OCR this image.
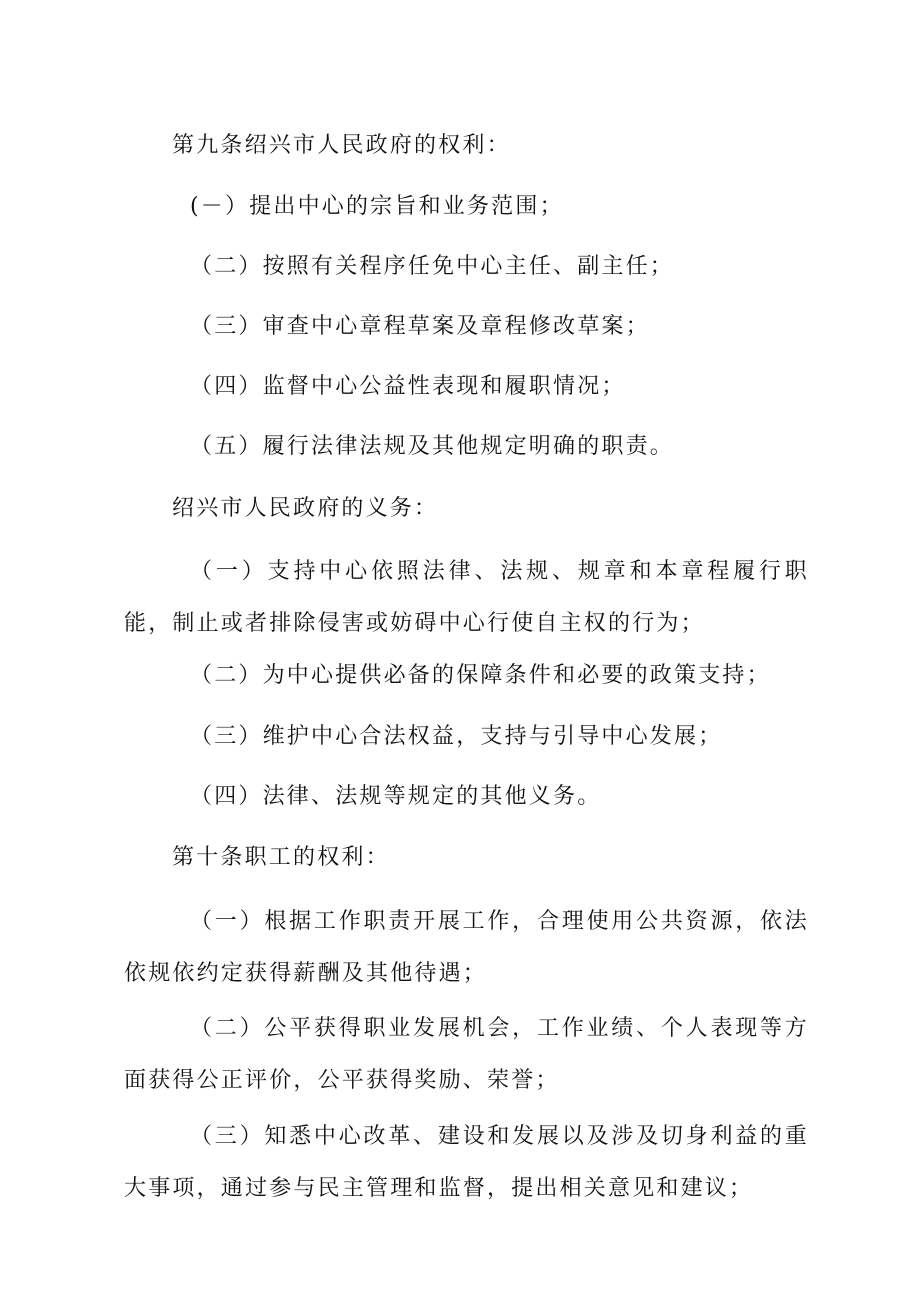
第九条绍兴市人民政府的权利：

(－）提出中心的宗旨和业务范围；

（二）按照有关程序任免中心主任、副主任；

（三）审查中心章程草案及章程修改草案；

（四）监督中心公益性表现和履职情况；

（五）履行法律法规及其他规定明确的职责。

绍兴市人民政府的义务：

（一）支持中心依照法律、法规、规章和本章程履行职能，制止或者排除侵害或妨碍中心行使自主权的行为；

（二）为中心提供必备的保障条件和必要的政策支持；

（三）维护中心合法权益，支持与引导中心发展；

（四）法律、法规等规定的其他义务。

第十条职工的权利：

（一）根据工作职责开展工作，合理使用公共资源，依法依规依约定获得薪酬及其他待遇；

（二）公平获得职业发展机会，工作业绩、个人表现等方面获得公正评价，公平获得奖励、荣誉；

（三）知悉中心改革、建设和发展以及涉及切身利益的重大事项，通过参与民主管理和监督，提出相关意见和建议；
